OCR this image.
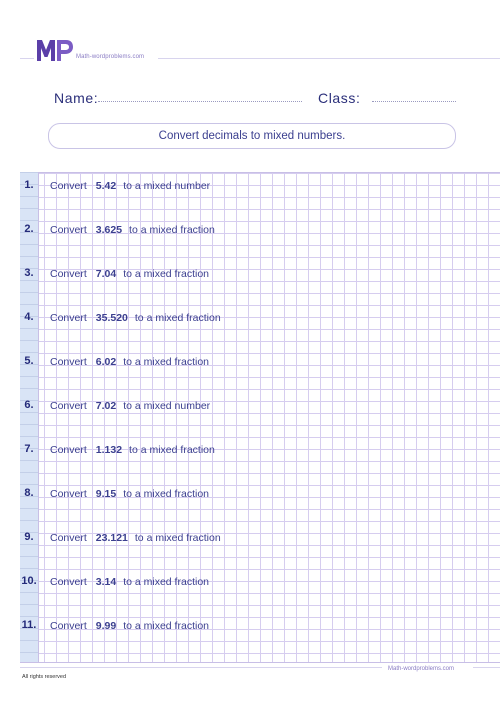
Math-wordproblems.com
Name:	Class:
Convert decimals to mixed numbers.
1.	Convert 5.42 to a mixed number
2.	Convert 3.625 to a mixed fraction
3.	Convert 7.04 to a mixed fraction
4.	Convert 35.520 to a mixed fraction
5.	Convert 6.02 to a mixed fraction
6.	Convert 7.02 to a mixed number
7.	Convert 1.132 to a mixed fraction
8.	Convert 9.15 to a mixed fraction
9.	Convert 23.121 to a mixed fraction
10. Convert 3.14 to a mixed fraction
11. Convert 9.99 to a mixed fraction
Math-wordproblems.com
All rights reserved
